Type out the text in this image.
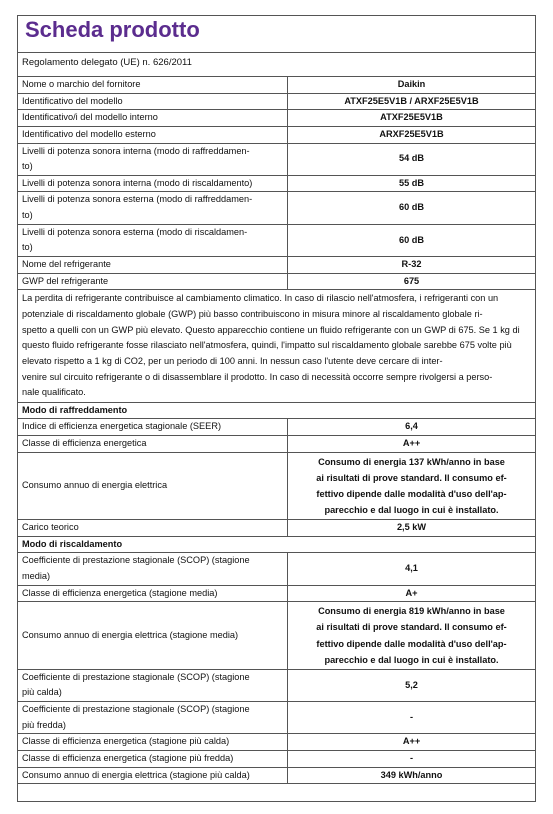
Scheda prodotto
Regolamento delegato (UE) n. 626/2011
Nome o marchio del fornitore	Daikin
Identificativo del modello	ATXF25E5V1B / ARXF25E5V1B
Identificativo/i del modello interno	ATXF25E5V1B
Identificativo del modello esterno	ARXF25E5V1B
Livelli di potenza sonora interna (modo di raffreddamen-
to)	54 dB
Livelli di potenza sonora interna (modo di riscaldamento)	55 dB
Livelli di potenza sonora esterna (modo di raffreddamen-
to)	60 dB
Livelli di potenza sonora esterna (modo di riscaldamen-
to)	60 dB
Nome del refrigerante	R-32
GWP del refrigerante	675
La perdita di refrigerante contribuisce al cambiamento climatico. In caso di rilascio nell'atmosfera, i refrigeranti con un potenziale di riscaldamento globale (GWP) più basso contribuiscono in misura minore al riscaldamento globale ri-
spetto a quelli con un GWP più elevato. Questo apparecchio contiene un fluido refrigerante con un GWP di 675. Se 1 kg di questo fluido refrigerante fosse rilasciato nell'atmosfera, quindi, l'impatto sul riscaldamento globale sarebbe 675 volte più elevato rispetto a 1 kg di CO2, per un periodo di 100 anni. In nessun caso l'utente deve cercare di inter-
venire sul circuito refrigerante o di disassemblare il prodotto. In caso di necessità occorre sempre rivolgersi a perso-
nale qualificato.	
Modo di raffreddamento	
Indice di efficienza energetica stagionale (SEER)	6,4
Classe di efficienza energetica	A++
Consumo annuo di energia elettrica	Consumo di energia 137 kWh/anno in base
ai risultati di prove standard. Il consumo ef-
fettivo dipende dalle modalità d'uso dell'ap-
parecchio e dal luogo in cui è installato.
Carico teorico	2,5 kW
Modo di riscaldamento	
Coefficiente di prestazione stagionale (SCOP) (stagione
media)	4,1
Classe di efficienza energetica (stagione media)	A+
Consumo annuo di energia elettrica (stagione media)	Consumo di energia 819 kWh/anno in base
ai risultati di prove standard. Il consumo ef-
fettivo dipende dalle modalità d'uso dell'ap-
parecchio e dal luogo in cui è installato.
Coefficiente di prestazione stagionale (SCOP) (stagione
più calda)	5,2
Coefficiente di prestazione stagionale (SCOP) (stagione
più fredda)	-
Classe di efficienza energetica (stagione più calda)	A++
Classe di efficienza energetica (stagione più fredda)	-
Consumo annuo di energia elettrica (stagione più calda)	349 kWh/anno
